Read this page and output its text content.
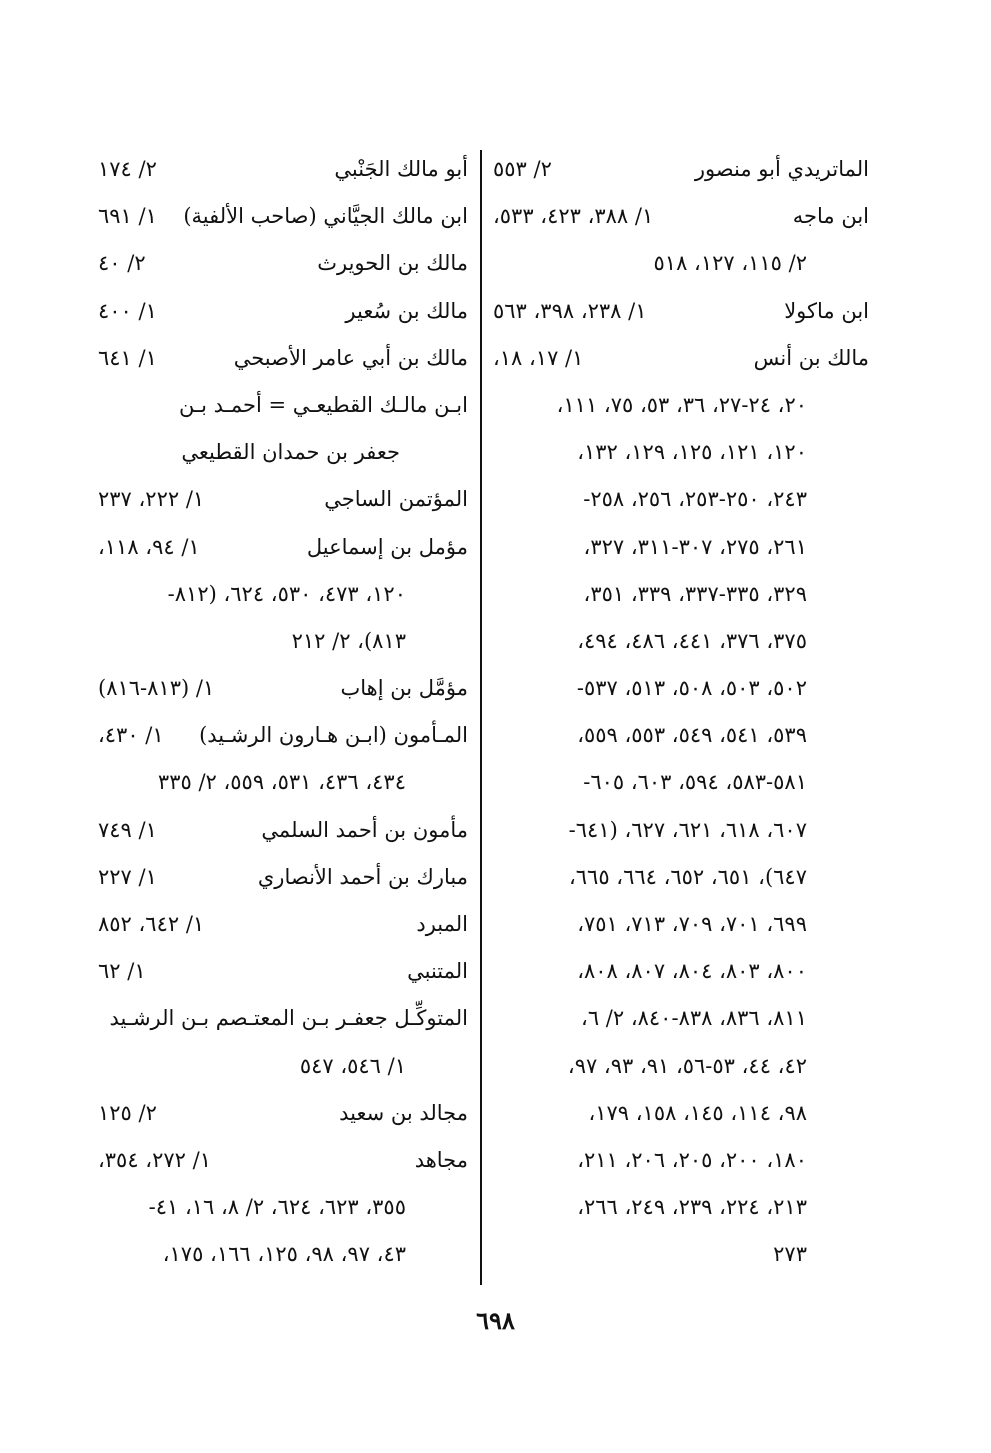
الماتريدي أبو منصور
٢/ ٥٥٣
ابن ماجه
١/ ٣٨٨، ٤٢٣، ٥٣٣،
٢/ ١١٥، ١٢٧، ٥١٨
ابن ماكولا
١/ ٢٣٨، ٣٩٨، ٥٦٣
مالك بن أنس
١/ ١٧، ١٨،
٢٠، ٢٤-٢٧، ٣٦، ٥٣، ٧٥، ١١١،
١٢٠، ١٢١، ١٢٥، ١٢٩، ١٣٢،
٢٤٣، ٢٥٠-٢٥٣، ٢٥٦، ٢٥٨-
٢٦١، ٢٧٥، ٣٠٧-٣١١، ٣٢٧،
٣٢٩، ٣٣٥-٣٣٧، ٣٣٩، ٣٥١،
٣٧٥، ٣٧٦، ٤٤١، ٤٨٦، ٤٩٤،
٥٠٢، ٥٠٣، ٥٠٨، ٥١٣، ٥٣٧-
٥٣٩، ٥٤١، ٥٤٩، ٥٥٣، ٥٥٩،
٥٨١-٥٨٣، ٥٩٤، ٦٠٣، ٦٠٥-
٦٠٧، ٦١٨، ٦٢١، ٦٢٧، (٦٤١-
٦٤٧)، ٦٥١، ٦٥٢، ٦٦٤، ٦٦٥،
٦٩٩، ٧٠١، ٧٠٩، ٧١٣، ٧٥١،
٨٠٠، ٨٠٣، ٨٠٤، ٨٠٧، ٨٠٨،
٨١١، ٨٣٦، ٨٣٨-٨٤٠، ٢/ ٦،
٤٢، ٤٤، ٥٣-٥٦، ٩١، ٩٣، ٩٧،
٩٨، ١١٤، ١٤٥، ١٥٨، ١٧٩،
١٨٠، ٢٠٠، ٢٠٥، ٢٠٦، ٢١١،
٢١٣، ٢٢٤، ٢٣٩، ٢٤٩، ٢٦٦،
٢٧٣
أبو مالك الجَنْبي
٢/ ١٧٤
ابن مالك الجيَّاني (صاحب الألفية)
١/ ٦٩١
مالك بن الحويرث
٢/ ٤٠
مالك بن سُعير
١/ ٤٠٠
مالك بن أبي عامر الأصبحي
١/ ٦٤١
ابـن مالـك القطيعـي = أحمـد بـن
جعفر بن حمدان القطيعي
المؤتمن الساجي
١/ ٢٢٢، ٢٣٧
مؤمل بن إسماعيل
١/ ٩٤، ١١٨،
١٢٠، ٤٧٣، ٥٣٠، ٦٢٤، (٨١٢-
٨١٣)، ٢/ ٢١٢
مؤمَّل بن إهاب
١/ (٨١٣-٨١٦)
المـأمون (ابـن هـارون الرشـيد)
١/ ٤٣٠،
٤٣٤، ٤٣٦، ٥٣١، ٥٥٩، ٢/ ٣٣٥
مأمون بن أحمد السلمي
١/ ٧٤٩
مبارك بن أحمد الأنصاري
١/ ٢٢٧
المبرد
١/ ٦٤٢، ٨٥٢
المتنبي
١/ ٦٢
المتوكِّـل جعفـر بـن المعتـصم بـن الرشـيد
١/ ٥٤٦، ٥٤٧
مجالد بن سعيد
٢/ ١٢٥
مجاهد
١/ ٢٧٢، ٣٥٤،
٣٥٥، ٦٢٣، ٦٢٤، ٢/ ٨، ١٦، ٤١-
٤٣، ٩٧، ٩٨، ١٢٥، ١٦٦، ١٧٥،
٦٩٨
